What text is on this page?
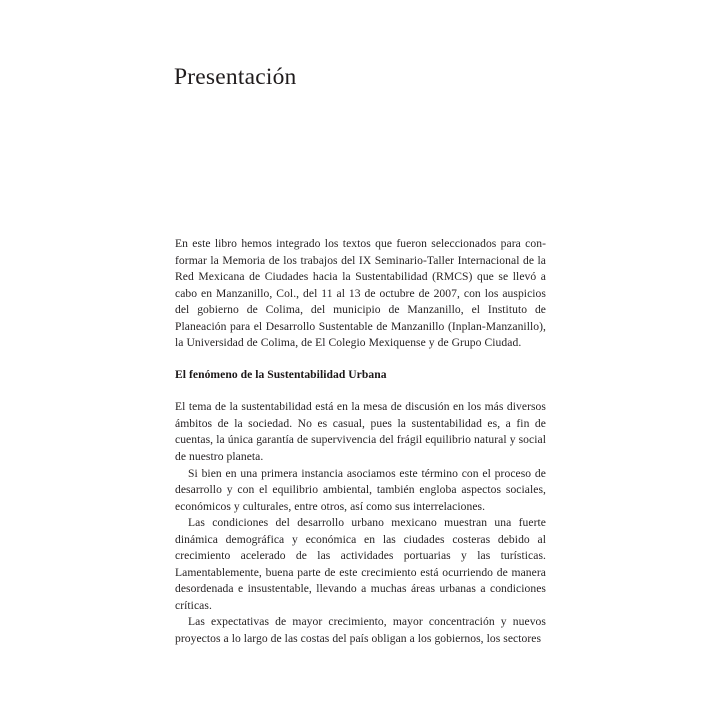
Presentación

En este libro hemos integrado los textos que fueron seleccionados para con-formar la Memoria de los trabajos del IX Seminario-Taller Internacional de la Red Mexicana de Ciudades hacia la Sustentabilidad (RMCS) que se llevó a cabo en Manzanillo, Col., del 11 al 13 de octubre de 2007, con los auspicios del gobierno de Colima, del municipio de Manzanillo, el Instituto de Planeación para el Desarrollo Sustentable de Manzanillo (Inplan-Manzanillo), la Universidad de Colima, de El Colegio Mexiquense y de Grupo Ciudad.

El fenómeno de la Sustentabilidad Urbana

El tema de la sustentabilidad está en la mesa de discusión en los más diversos ámbitos de la sociedad. No es casual, pues la sustentabilidad es, a fin de cuentas, la única garantía de supervivencia del frágil equilibrio natural y social de nuestro planeta.

Si bien en una primera instancia asociamos este término con el proceso de desarrollo y con el equilibrio ambiental, también engloba aspectos sociales, económicos y culturales, entre otros, así como sus interrelaciones.

Las condiciones del desarrollo urbano mexicano muestran una fuerte dinámica demográfica y económica en las ciudades costeras debido al crecimiento acelerado de las actividades portuarias y las turísticas. Lamentablemente, buena parte de este crecimiento está ocurriendo de manera desordenada e insustentable, llevando a muchas áreas urbanas a condiciones críticas.

Las expectativas de mayor crecimiento, mayor concentración y nuevos proyectos a lo largo de las costas del país obligan a los gobiernos, los sectores
